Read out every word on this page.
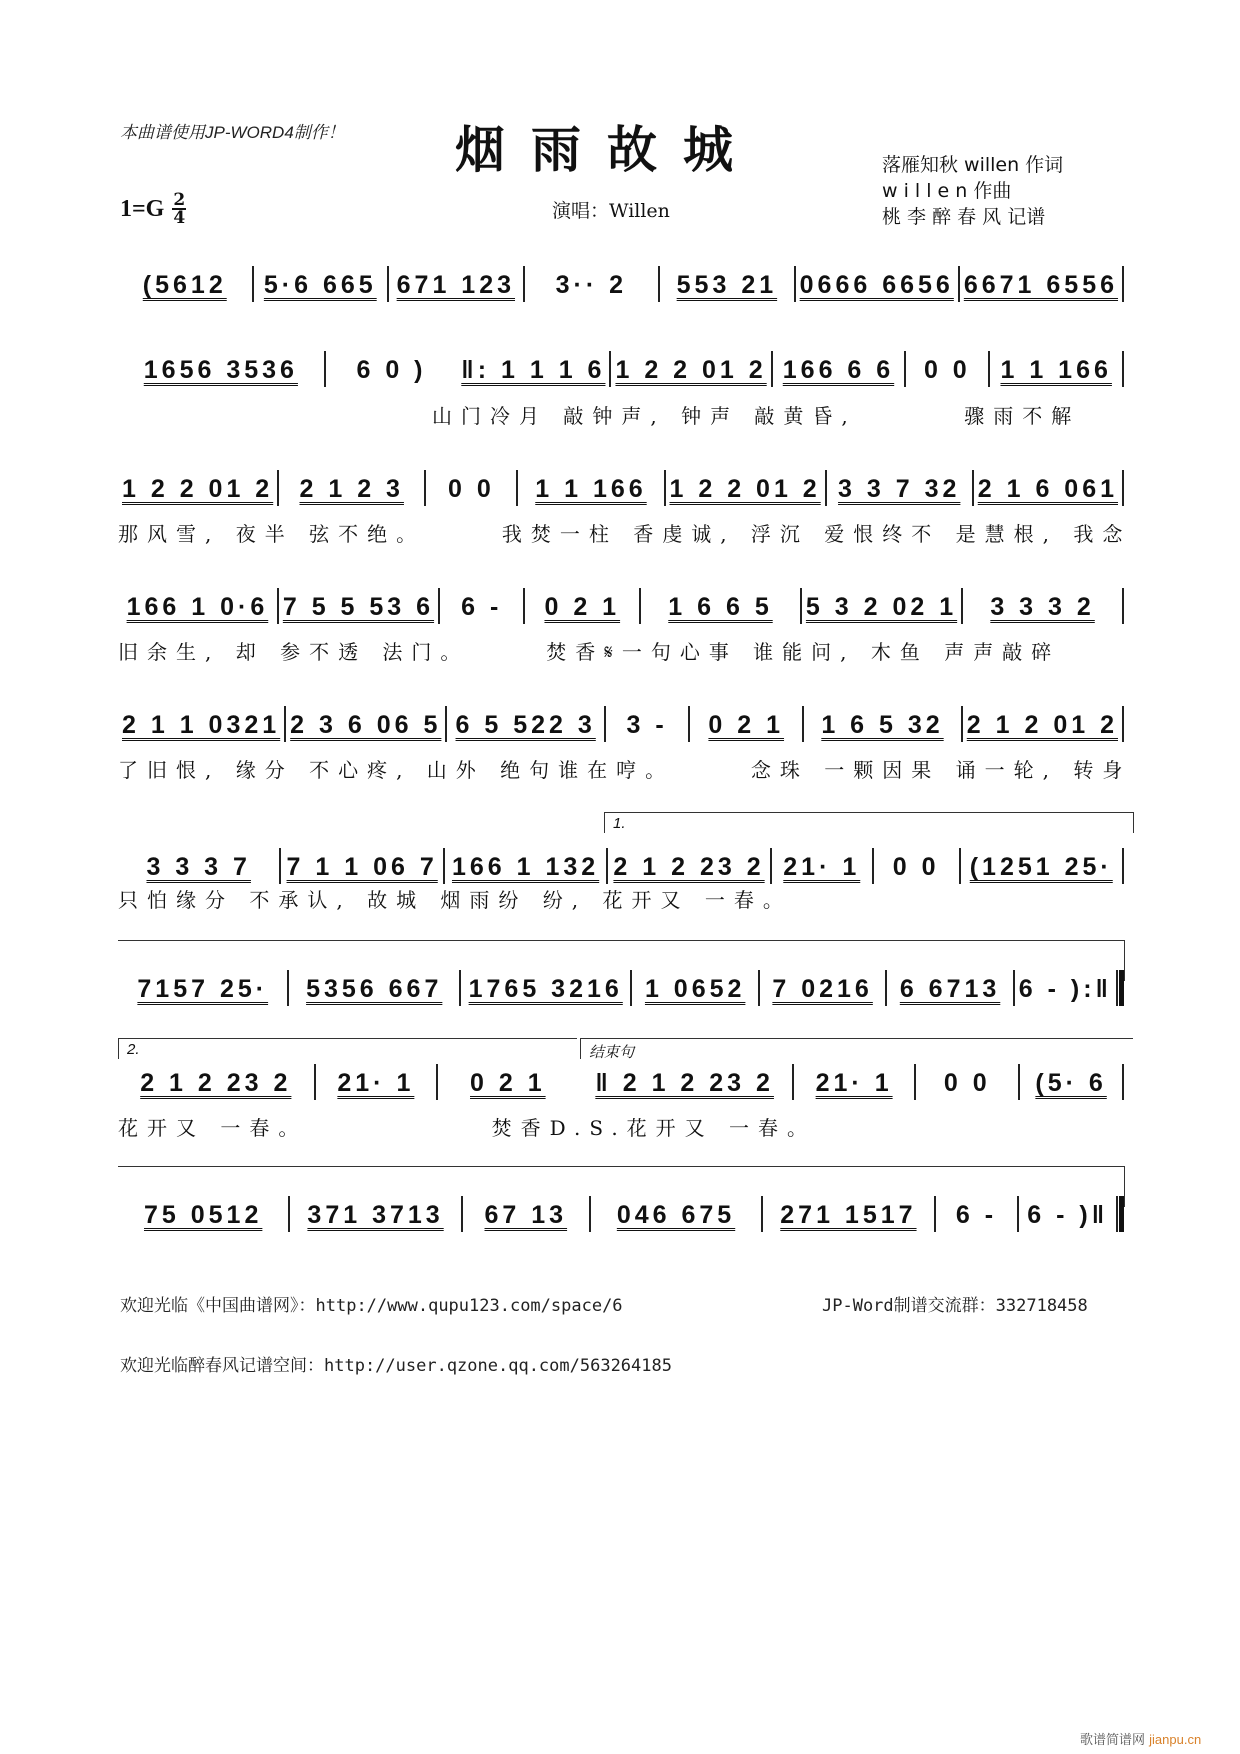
本曲谱使用JP-WORD4制作！ 烟雨故城
$1=G \frac{2}{4}$	演唱：Willen
落雁知秋 willen 作词
w i l l e n 作曲
桃 李 醉 春 风 记谱
(5612 5·6 665 671 123 3·· 2 553 21 0666 6656 6671 6556
1656 3536 6 0 ) ‖: 1 1 1 6 1 2 2 01 2 166 6 6 0 0 1 1 166
山门冷月 敲钟声, 钟声 敲黄昏,       骤雨不解
1 2 2 01 2 2 1 2 3 0 0 1 1 166 1 2 2 01 2 3 3 7 32 2 1 6 061
那风雪, 夜半 弦不绝。     我焚一柱 香虔诚, 浮沉 爱恨终不 是慧根, 我念
166 1 0·6 7 5 5 53 6 6 - 0 2 1 1 6 6 5 5 3 2 02 1 3 3 3 2
旧余生, 却 参不透 法门。     焚香𝄋一句心事 谁能问, 木鱼 声声敲碎
2 1 1 0321 2 3 6 06 5 6 5 522 3 3 - 0 2 1 1 6 5 32 2 1 2 01 2
了旧恨, 缘分 不心疼, 山外 绝句谁在哼。     念珠 一颗因果 诵一轮, 转身
1.
3 3 3 7 7 1 1 06 7 166 1 132 2 1 2 23 2 21· 1 0 0 (1251 25·
只怕缘分 不承认, 故城 烟雨纷 纷, 花开又 一春。
7157 25· 5356 667 1765 3216 1 0652 7 0216 6 6713 6 - ):‖
2.	结束句
2 1 2 23 2 21· 1 0 2 1 ‖ 2 1 2 23 2 21· 1 0 0 (5· 6
花开又 一春。            焚香D.S.花开又 一春。
75 0512 371 3713 67 13 046 675 271 1517 6 - 6 - )‖
欢迎光临《中国曲谱网》：http://www.qupu123.com/space/6	JP-Word制谱交流群：332718458
欢迎光临醉春风记谱空间：http://user.qzone.qq.com/563264185
歌谱简谱网 jianpu.cn
